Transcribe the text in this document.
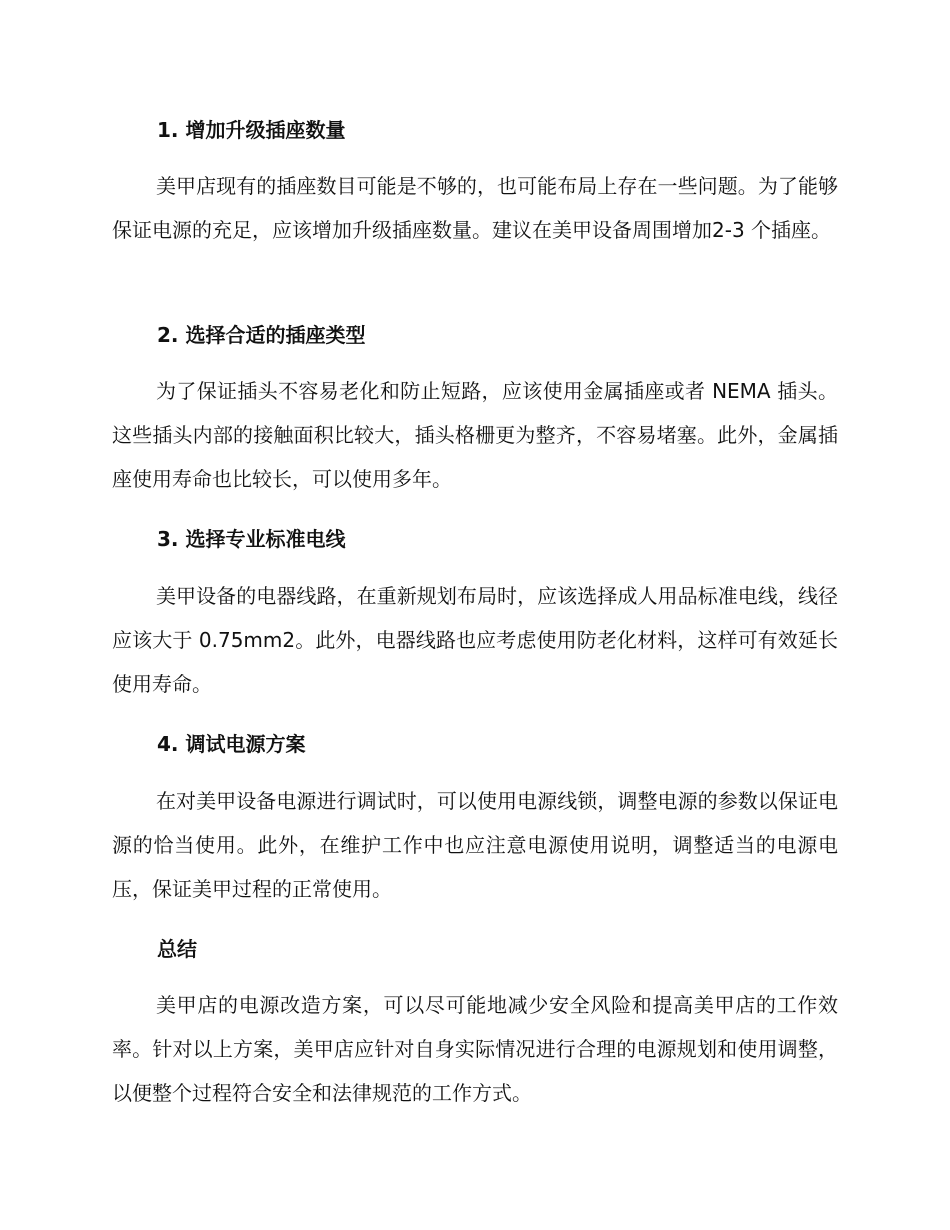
1. 增加升级插座数量
美甲店现有的插座数目可能是不够的，也可能布局上存在一些问题。为了能够保证电源的充足，应该增加升级插座数量。建议在美甲设备周围增加2-3 个插座。
2. 选择合适的插座类型
为了保证插头不容易老化和防止短路，应该使用金属插座或者 NEMA 插头。这些插头内部的接触面积比较大，插头格栅更为整齐，不容易堵塞。此外，金属插座使用寿命也比较长，可以使用多年。
3. 选择专业标准电线
美甲设备的电器线路，在重新规划布局时，应该选择成人用品标准电线，线径应该大于 0.75mm2。此外，电器线路也应考虑使用防老化材料，这样可有效延长使用寿命。
4. 调试电源方案
在对美甲设备电源进行调试时，可以使用电源线锁，调整电源的参数以保证电源的恰当使用。此外，在维护工作中也应注意电源使用说明，调整适当的电源电压，保证美甲过程的正常使用。
总结
美甲店的电源改造方案，可以尽可能地减少安全风险和提高美甲店的工作效率。针对以上方案，美甲店应针对自身实际情况进行合理的电源规划和使用调整，以便整个过程符合安全和法律规范的工作方式。
